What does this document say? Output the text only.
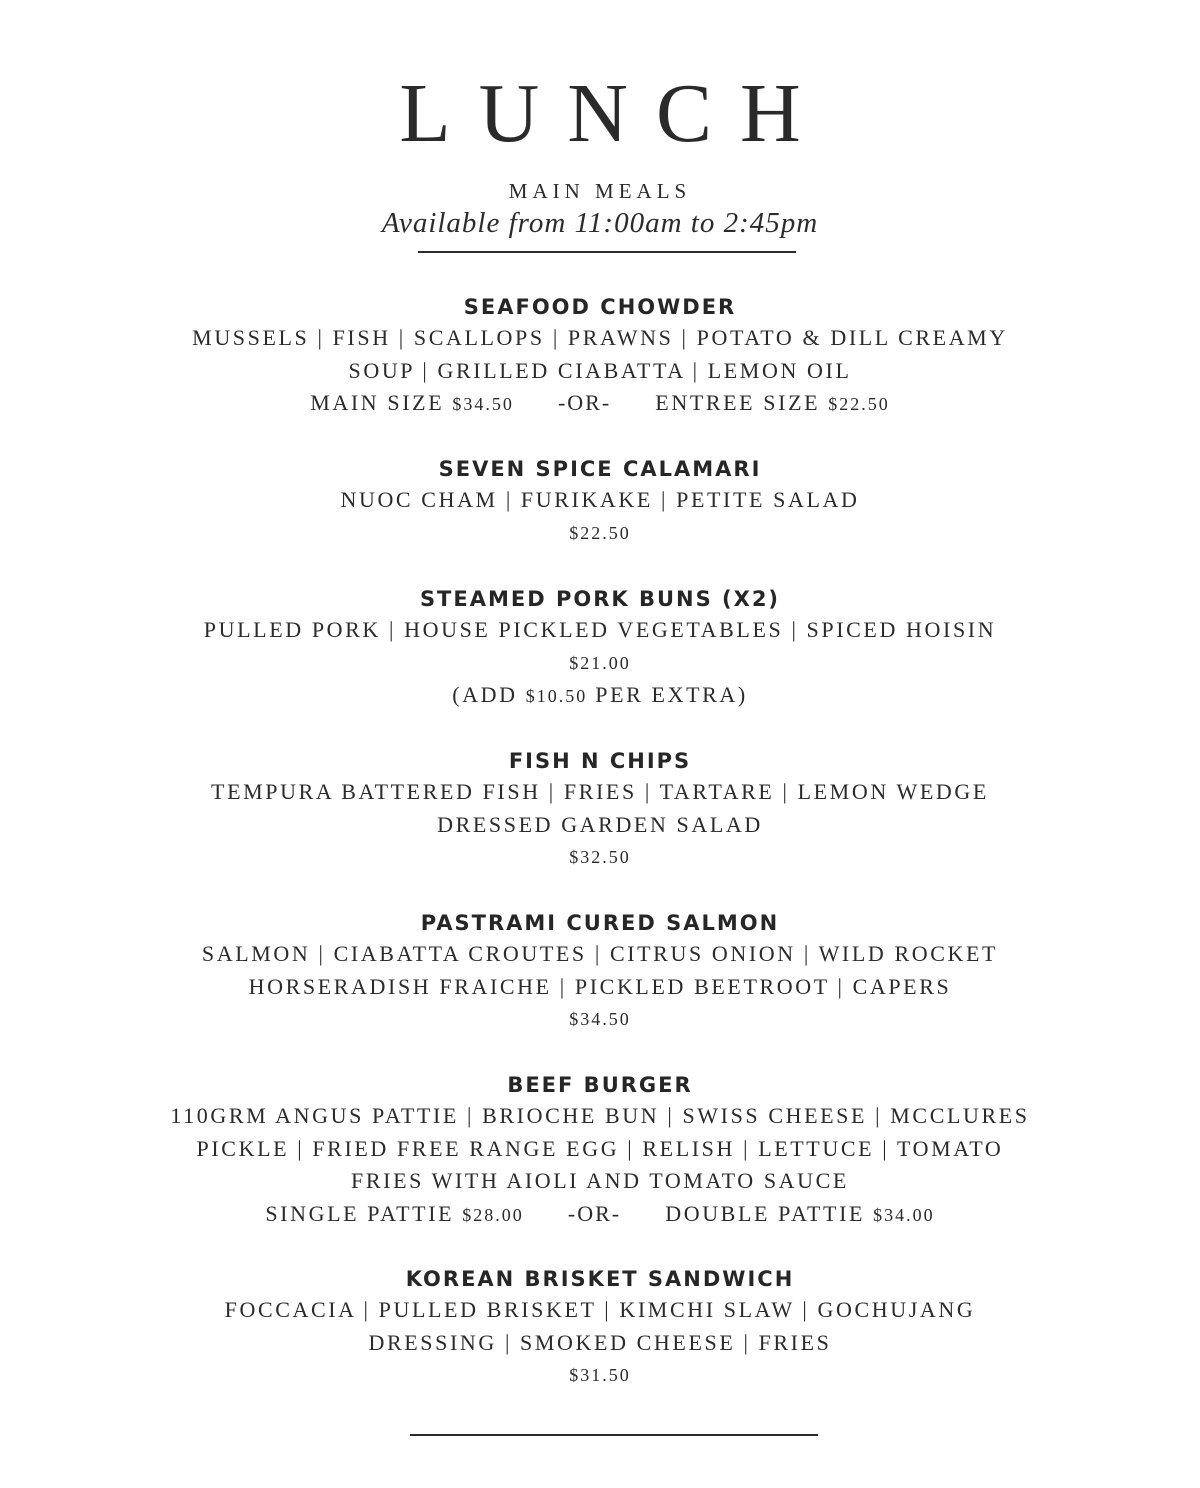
LUNCH
MAIN MEALS
Available from 11:00am to 2:45pm
SEAFOOD CHOWDER
MUSSELS | FISH | SCALLOPS | PRAWNS | POTATO & DILL CREAMY
SOUP | GRILLED CIABATTA | LEMON OIL
MAIN SIZE $34.50 -OR- ENTREE SIZE $22.50
SEVEN SPICE CALAMARI
NUOC CHAM | FURIKAKE | PETITE SALAD
$22.50
STEAMED PORK BUNS (X2)
PULLED PORK | HOUSE PICKLED VEGETABLES | SPICED HOISIN
$21.00
(ADD $10.50 PER EXTRA)
FISH N CHIPS
TEMPURA BATTERED FISH | FRIES | TARTARE | LEMON WEDGE
DRESSED GARDEN SALAD
$32.50
PASTRAMI CURED SALMON
SALMON | CIABATTA CROUTES | CITRUS ONION | WILD ROCKET
HORSERADISH FRAICHE | PICKLED BEETROOT | CAPERS
$34.50
BEEF BURGER
110GRM ANGUS PATTIE | BRIOCHE BUN | SWISS CHEESE | MCCLURES
PICKLE | FRIED FREE RANGE EGG | RELISH | LETTUCE | TOMATO
FRIES WITH AIOLI AND TOMATO SAUCE
SINGLE PATTIE $28.00 -OR- DOUBLE PATTIE $34.00
KOREAN BRISKET SANDWICH
FOCCACIA | PULLED BRISKET | KIMCHI SLAW | GOCHUJANG
DRESSING | SMOKED CHEESE | FRIES
$31.50
